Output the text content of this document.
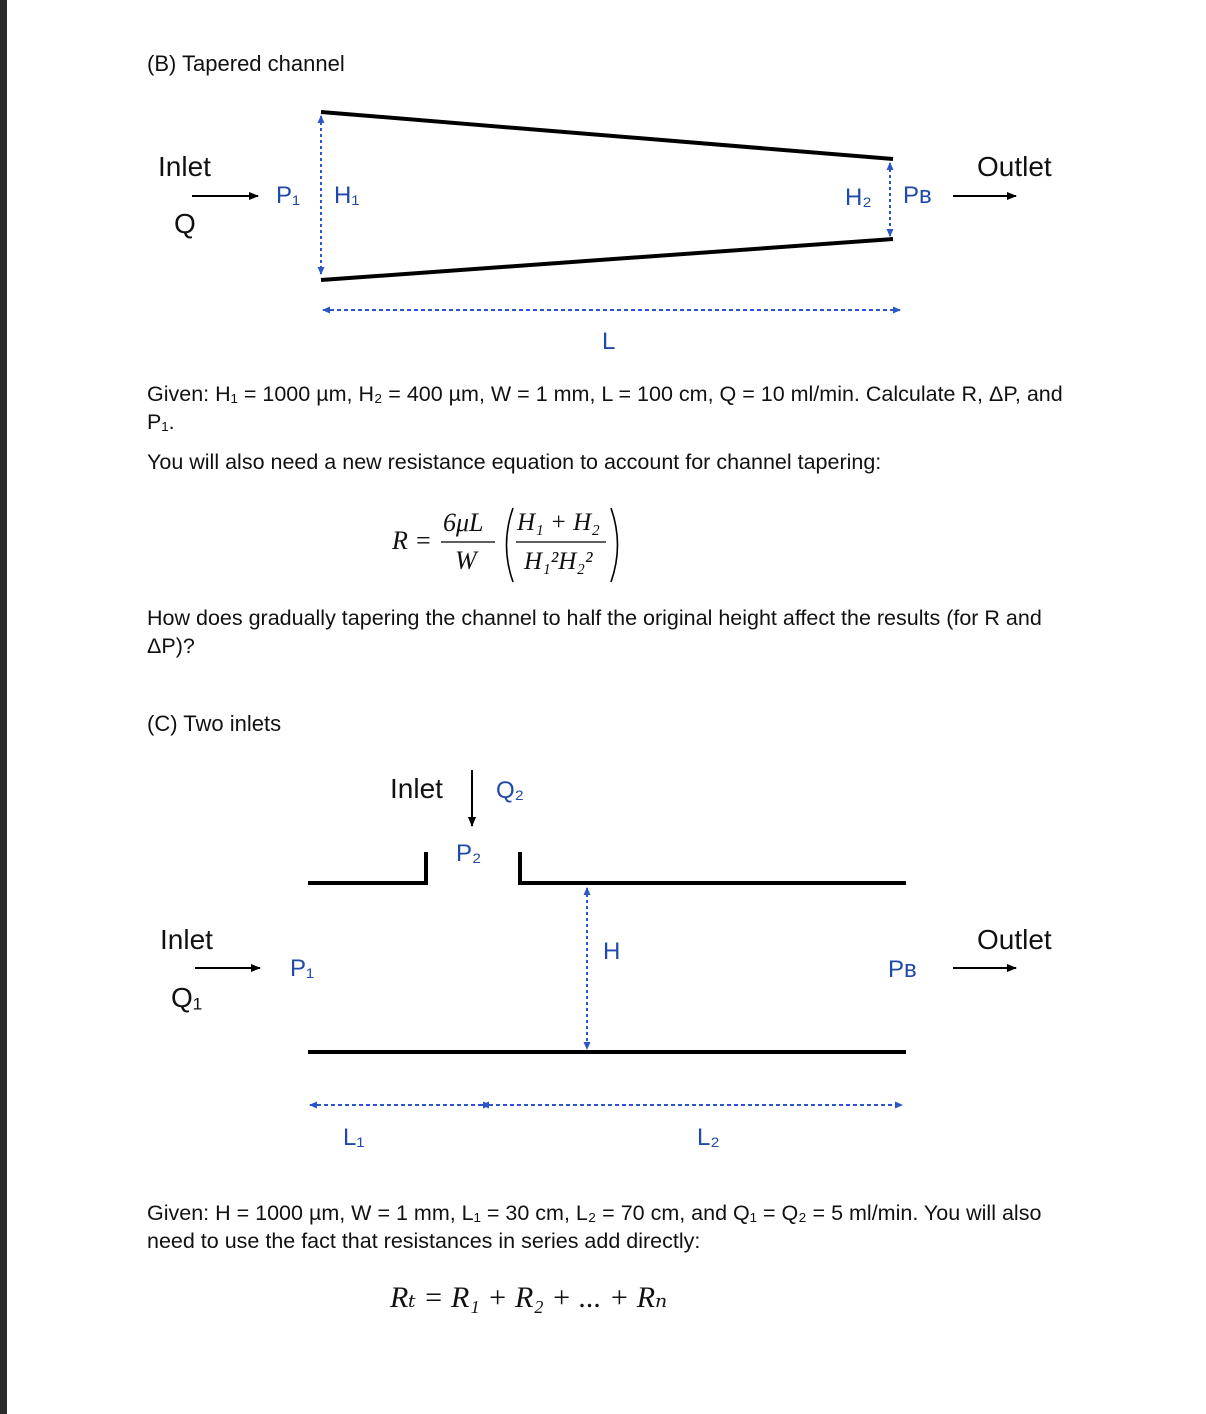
(B) Tapered channel
Inlet
Q
P₁ H₁	H₂ Pʙ
Outlet
L
Given: H₁ = 1000 µm, H₂ = 400 µm, W = 1 mm, L = 100 cm, Q = 10 ml/min. Calculate R, ΔP, and P₁.
You will also need a new resistance equation to account for channel tapering:
R =
6μL
W
H₁ + H₂
H₁²H₂²
How does gradually tapering the channel to half the original height affect the results (for R and ΔP)?
(C) Two inlets
Inlet Q₂
P₂
Inlet
Q₁
P₁
H	Outlet
Pʙ
L₁	L₂
Given: H = 1000 µm, W = 1 mm, L₁ = 30 cm, L₂ = 70 cm, and Q₁ = Q₂ = 5 ml/min. You will also need to use the fact that resistances in series add directly:
Rₜ = R₁ + R₂ + ... + Rₙ
